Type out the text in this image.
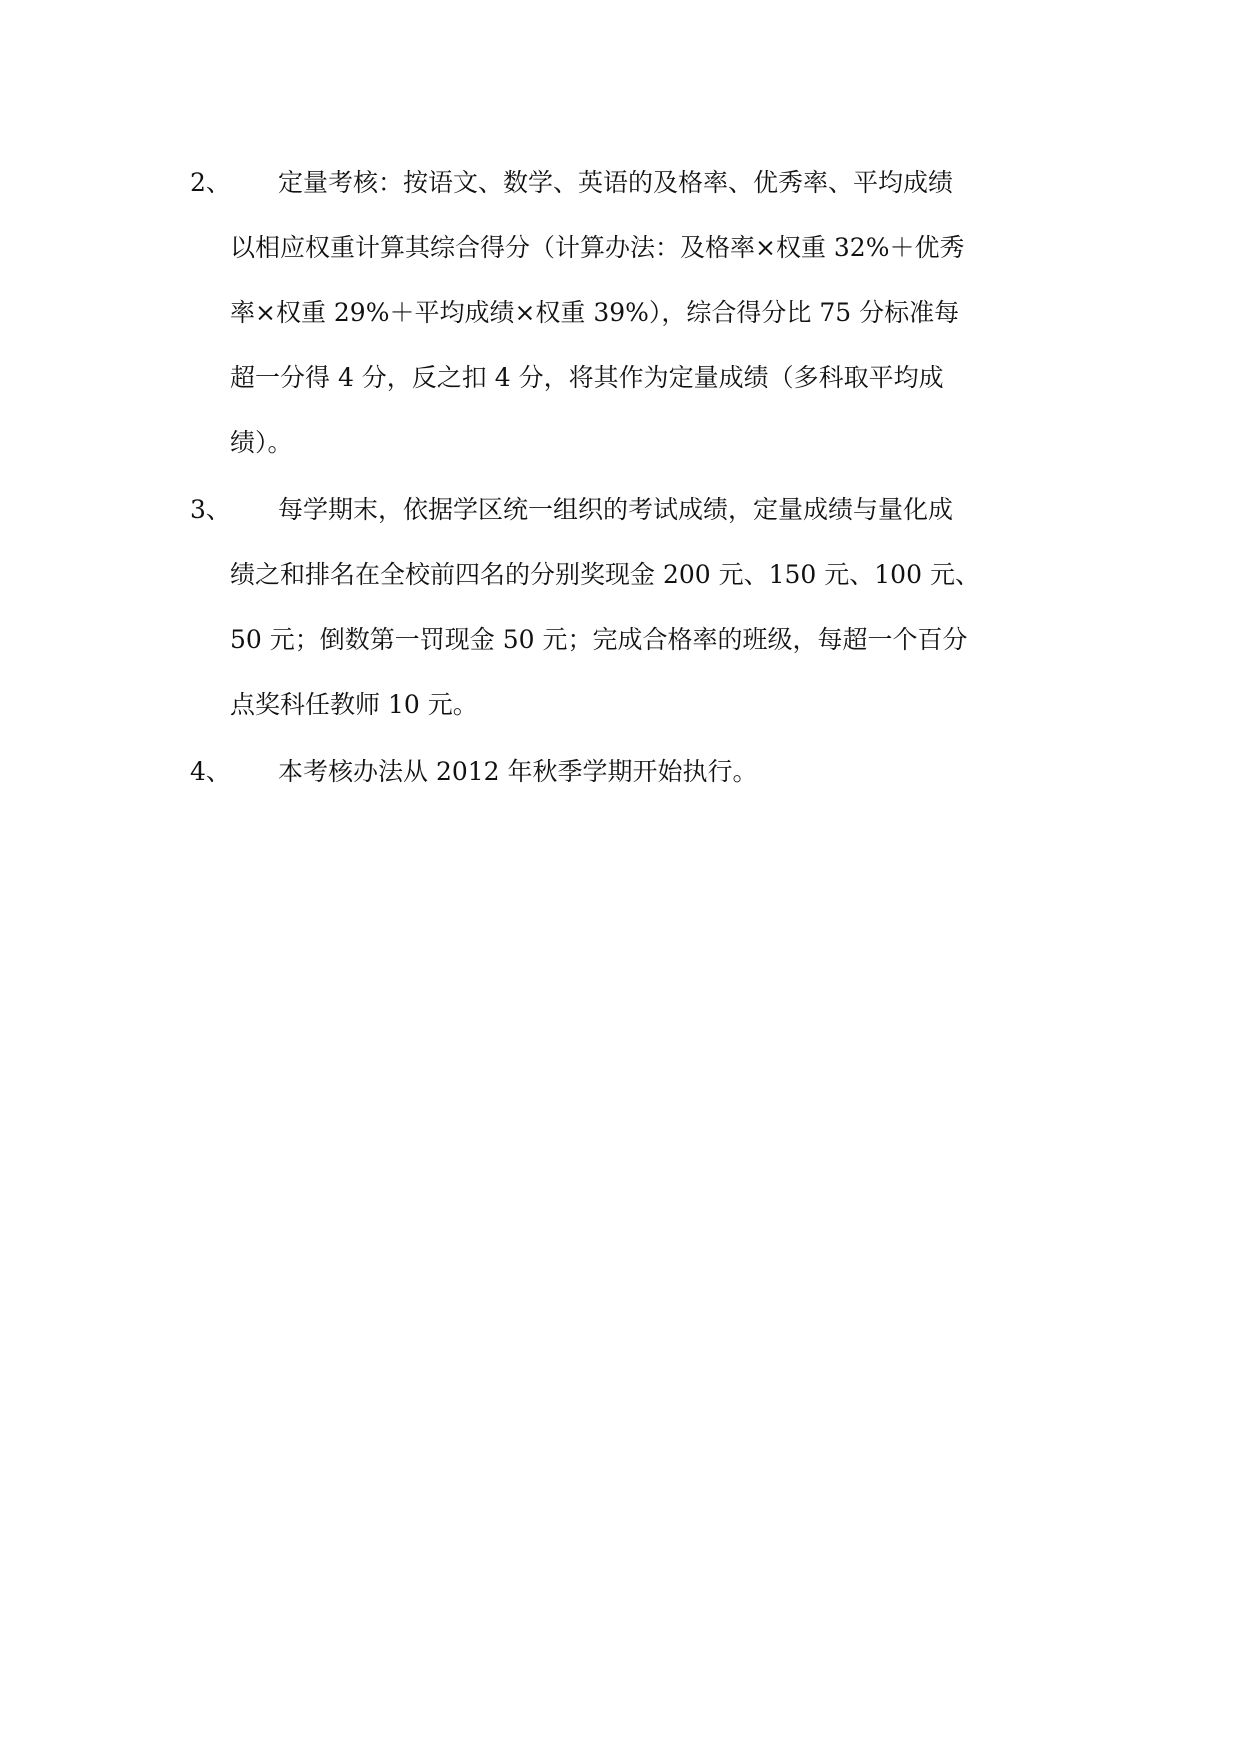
2、 定量考核：按语文、数学、英语的及格率、优秀率、平均成绩
以相应权重计算其综合得分（计算办法：及格率×权重 32%＋优秀
率×权重 29%＋平均成绩×权重 39%），综合得分比 75 分标准每
超一分得 4 分，反之扣 4 分，将其作为定量成绩（多科取平均成
绩）。
3、 每学期末，依据学区统一组织的考试成绩，定量成绩与量化成
绩之和排名在全校前四名的分别奖现金 200 元、150 元、100 元、
50 元；倒数第一罚现金 50 元；完成合格率的班级，每超一个百分
点奖科任教师 10 元。
4、 本考核办法从 2012 年秋季学期开始执行。
